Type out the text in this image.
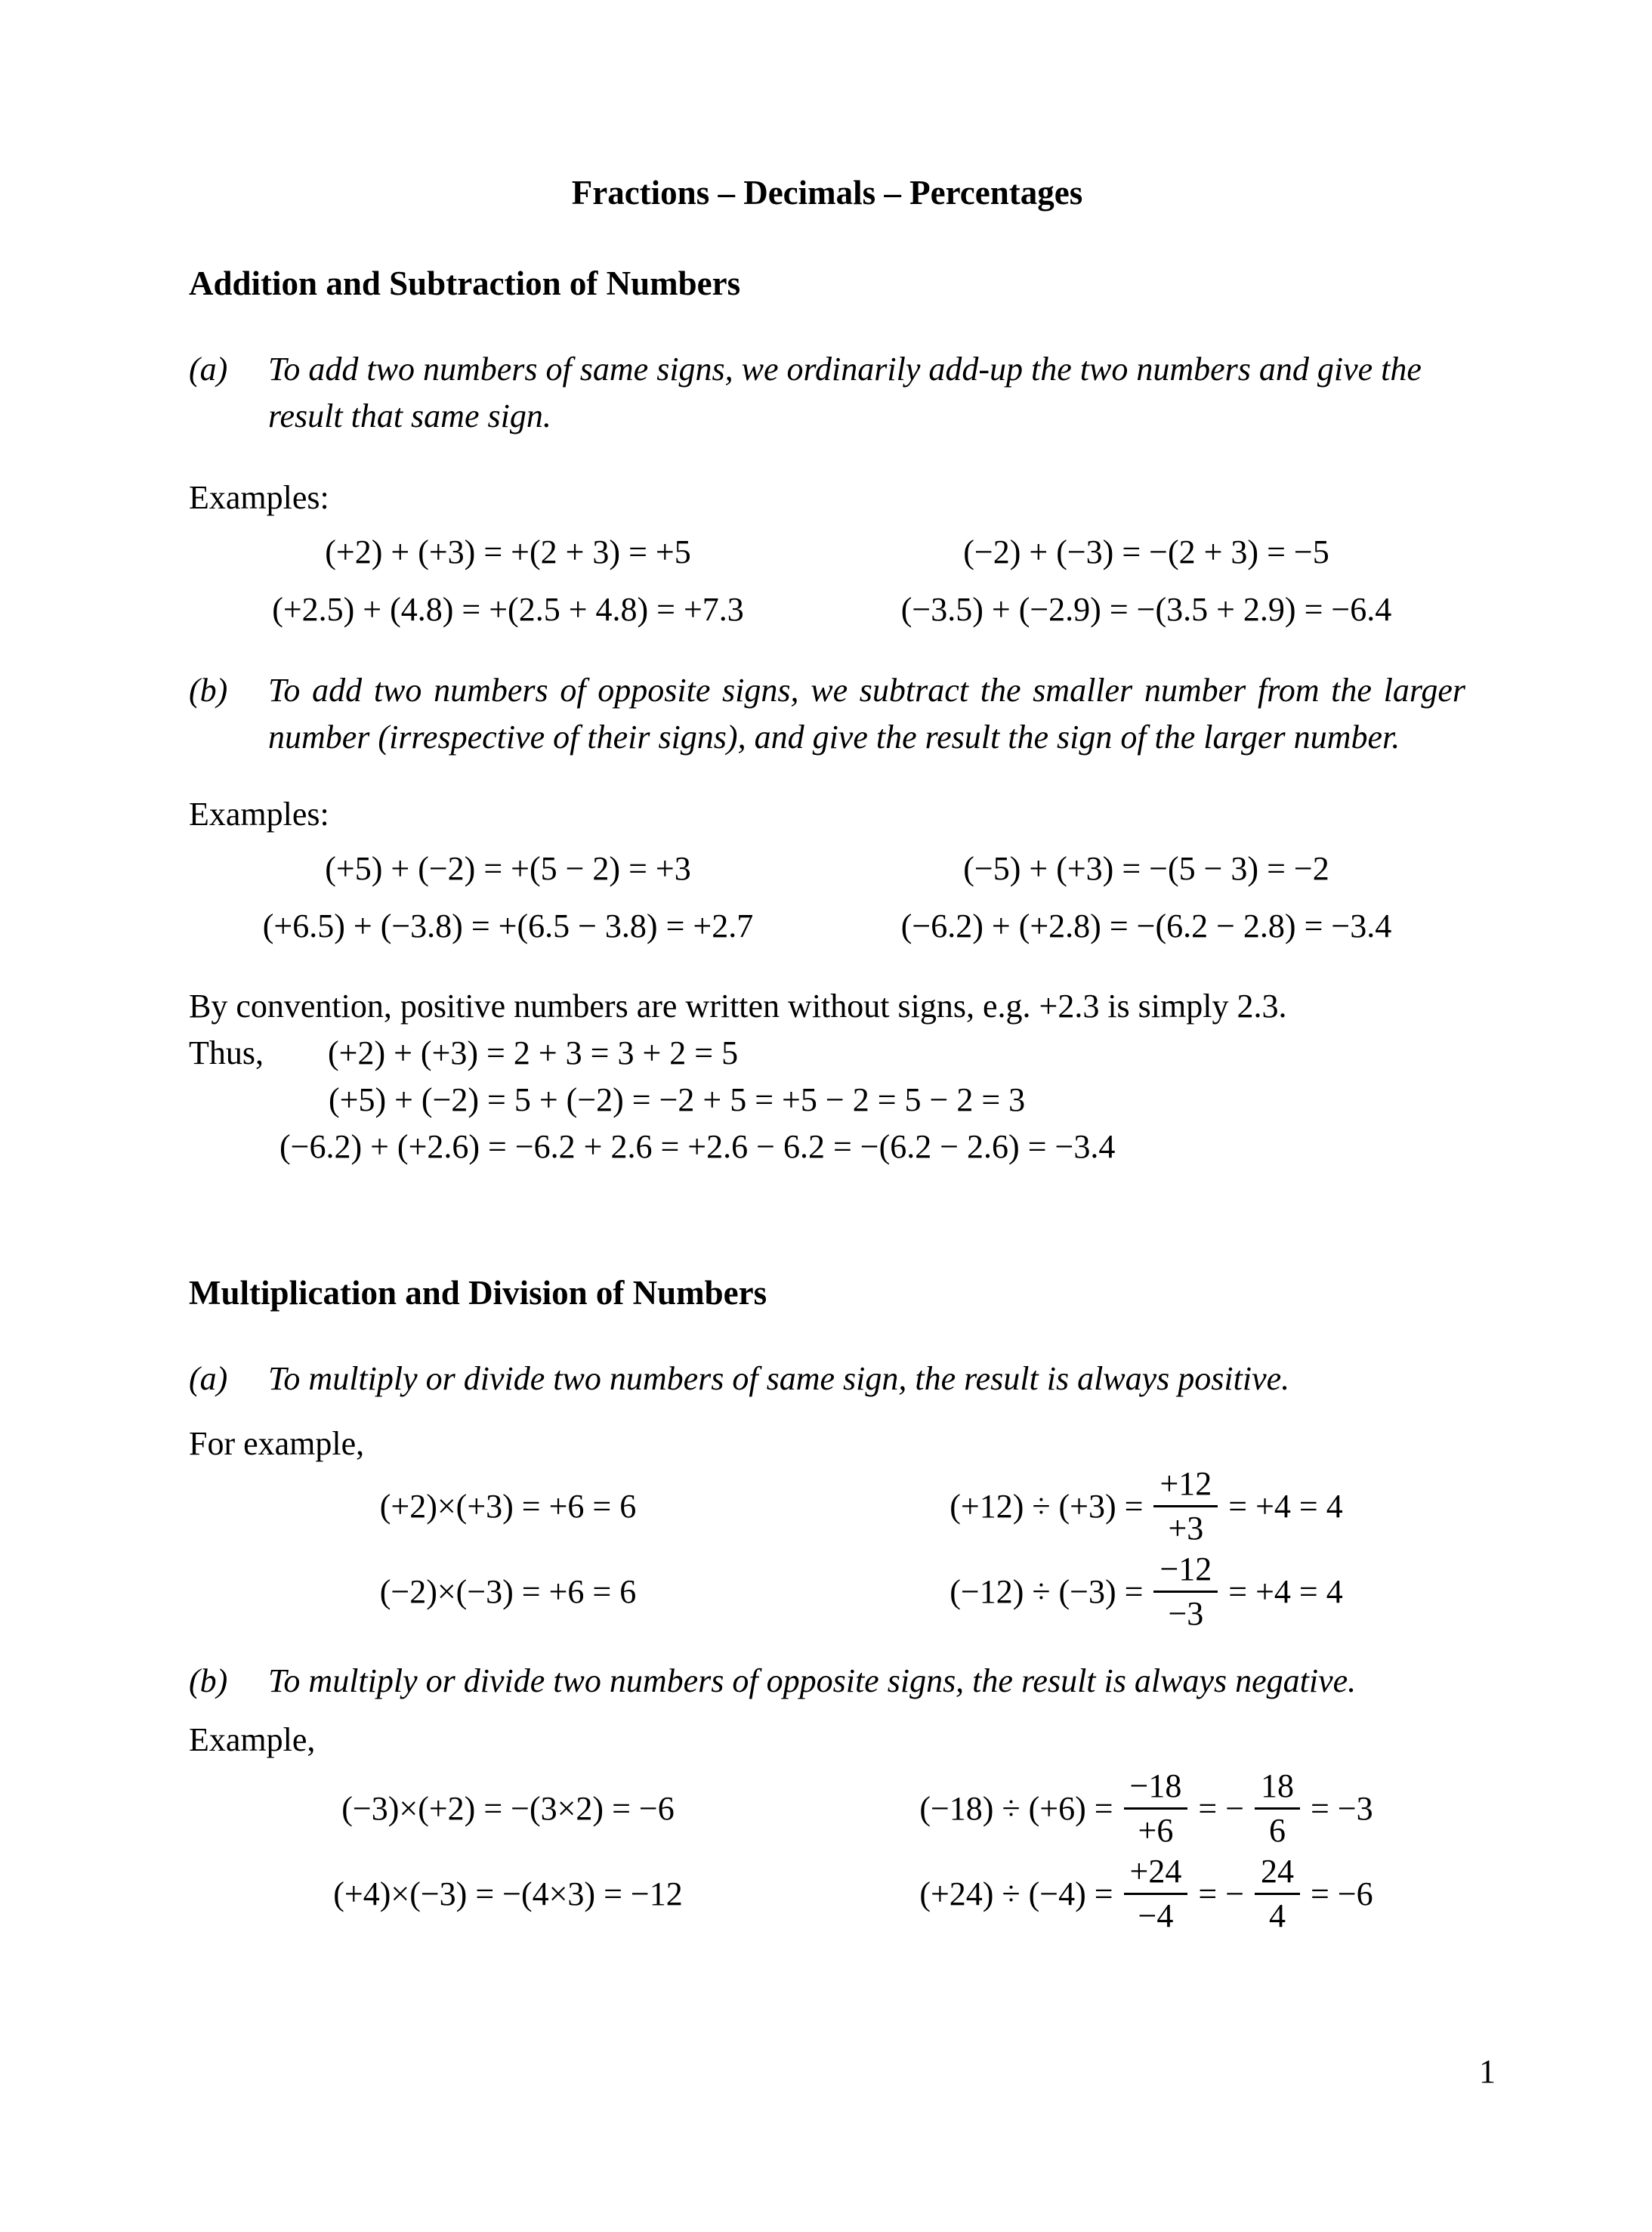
Fractions – Decimals – Percentages
Addition and Subtraction of Numbers
(a) To add two numbers of same signs, we ordinarily add-up the two numbers and give the result that same sign.
Examples:
(+2) + (+3) = +(2 + 3) = +5	(−2) + (−3) = −(2 + 3) = −5
(+2.5) + (4.8) = +(2.5 + 4.8) = +7.3	(−3.5) + (−2.9) = −(3.5 + 2.9) = −6.4
(b) To add two numbers of opposite signs, we subtract the smaller number from the larger number (irrespective of their signs), and give the result the sign of the larger number.
Examples:
(+5) + (−2) = +(5 − 2) = +3	(−5) + (+3) = −(5 − 3) = −2
(+6.5) + (−3.8) = +(6.5 − 3.8) = +2.7	(−6.2) + (+2.8) = −(6.2 − 2.8) = −3.4
By convention, positive numbers are written without signs, e.g. +2.3 is simply 2.3.
Thus, (+2) + (+3) = 2 + 3 = 3 + 2 = 5
(+5) + (−2) = 5 + (−2) = −2 + 5 = +5 − 2 = 5 − 2 = 3
(−6.2) + (+2.6) = −6.2 + 2.6 = +2.6 − 6.2 = −(6.2 − 2.6) = −3.4
Multiplication and Division of Numbers
(a) To multiply or divide two numbers of same sign, the result is always positive.
For example,
(+2)×(+3) = +6 = 6	$(+12) \div (+3) = \frac{+12}{+3} = +4 = 4$
(−2)×(−3) = +6 = 6	$(-12) \div (-3) = \frac{-12}{-3} = +4 = 4$
(b) To multiply or divide two numbers of opposite signs, the result is always negative.
Example,
(−3)×(+2) = −(3×2) = −6	$(-18) \div (+6) = \frac{-18}{+6}$ = − $\frac{18}{6} = -3$
(+4)×(−3) = −(4×3) = −12	$(+24) \div (-4) = \frac{+24}{-4}$ = − $\frac{24}{4} = -6$
1
